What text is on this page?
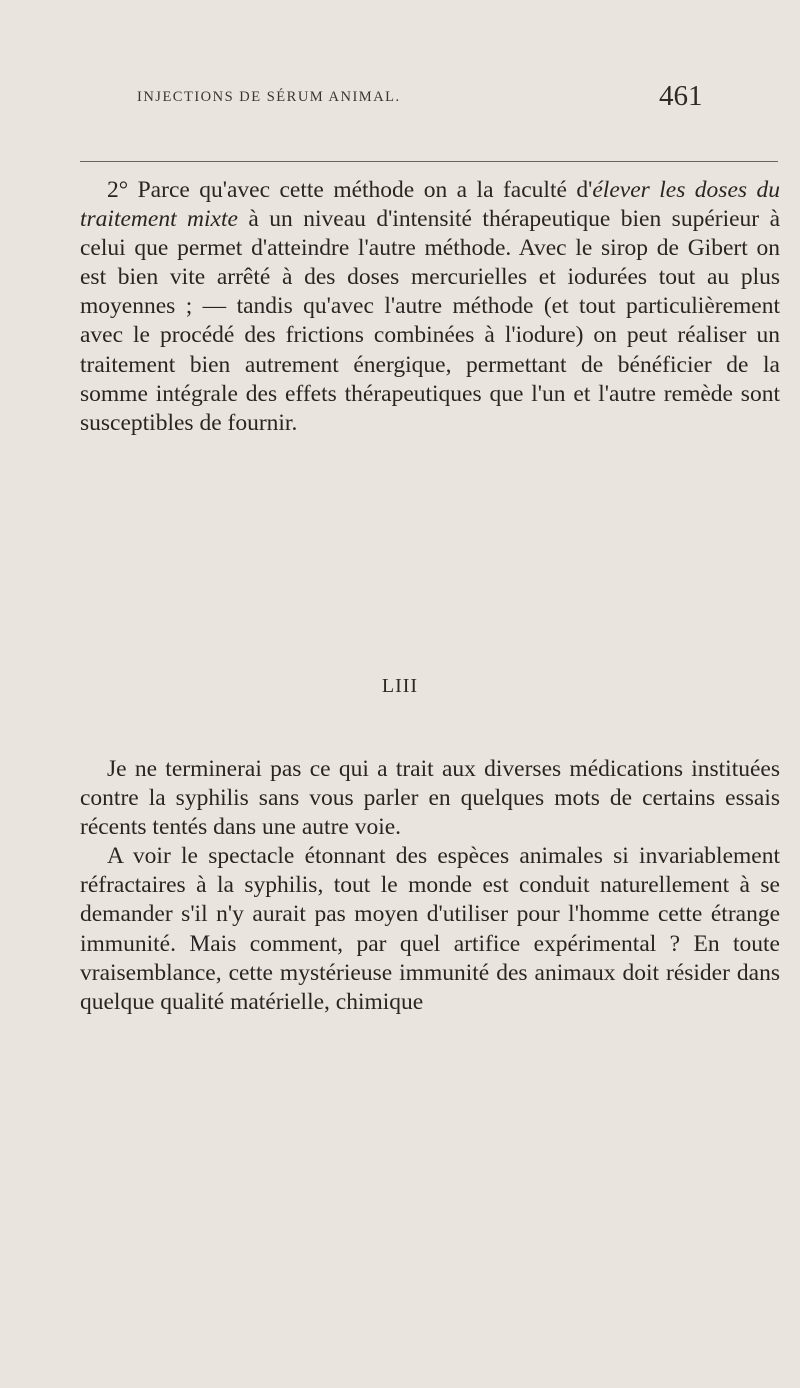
INJECTIONS DE SÉRUM ANIMAL.	461

2° Parce qu'avec cette méthode on a la faculté d'élever les doses du traitement mixte à un niveau d'intensité thérapeutique bien supérieur à celui que permet d'atteindre l'autre méthode. Avec le sirop de Gibert on est bien vite arrêté à des doses mercurielles et iodurées tout au plus moyennes ; — tandis qu'avec l'autre méthode (et tout particulièrement avec le procédé des frictions combinées à l'iodure) on peut réaliser un traitement bien autrement énergique, permettant de bénéficier de la somme intégrale des effets thérapeutiques que l'un et l'autre remède sont susceptibles de fournir.

LIII

Je ne terminerai pas ce qui a trait aux diverses médications instituées contre la syphilis sans vous parler en quelques mots de certains essais récents tentés dans une autre voie.

A voir le spectacle étonnant des espèces animales si invariablement réfractaires à la syphilis, tout le monde est conduit naturellement à se demander s'il n'y aurait pas moyen d'utiliser pour l'homme cette étrange immunité. Mais comment, par quel artifice expérimental ? En toute vraisemblance, cette mystérieuse immunité des animaux doit résider dans quelque qualité matérielle, chimique
